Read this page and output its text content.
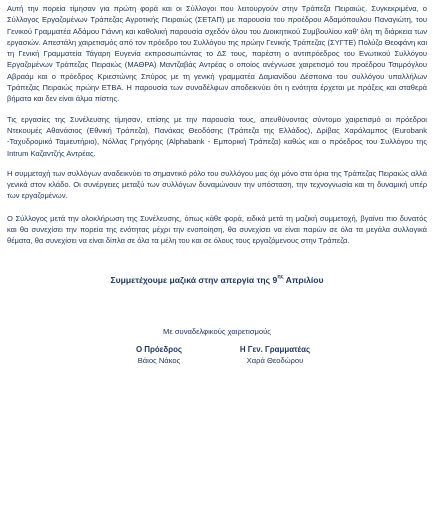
Αυτή την πορεία τίμησαν για πρώτη φορά και οι Σύλλογοι που λειτουργούν στην Τράπεζα Πειραιώς. Συγκεκριμένα, ο Σύλλογος Εργαζομένων Τράπεζας Αγροτικής Πειραιώς (ΣΕΤΑΠ) με παρουσία του προέδρου Αδαμόπουλου Παναγιώτη, του Γενικού Γραμματέα Αδάμου Γιάννη και καθολική παρουσία σχεδόν όλου του Διοικητικού Συμβουλίου καθ’ όλη τη διάρκεια των εργασιών. Απεστάλη χαιρετισμός από τον πρόεδρο του Συλλόγου της πρώην Γενικής Τράπεζας (ΣΥΓΤΕ) Πολύζο Θεοφάνη και τη Γενική Γραμματεία Τάγαρη Ευγενία εκπροσωπώντας το ΔΣ τους, παρέστη ο αντιπρόεδρος του Ενωτικού Συλλόγου Εργαζομένων Τράπεζας Πειραιώς (ΜΑΘΡΑ) Μαντζαβάς Αντρέας ο οποίος ανέγνωσε χαιρετισμό του προέδρου Τσιμρόγλου Αβραάμ και ο πρόεδρος Κριεστώνης Σπύρος με τη γενική γραμματέα Δαμιανίδου Δέσποινα του συλλόγου υπαλλήλων Τράπεζας Πειραιώς πρώην ΕΤΒΑ. Η παρουσία των συναδέλφων αποδεικνύει ότι η ενότητα έρχεται με πράξεις και σταθερά βήματα και δεν είναι άλμα πίστης.

Τις εργασίες της Συνέλευσης τίμησαν, επίσης με την παρουσία τους, απευθύνοντας σύντομο χαιρετισμό οι πρόεδροι Ντεκουμές Αθανάσιος (Εθνική Τράπεζα), Πανάκας Θεοδόσης (Τράπεζα της Ελλάδος), Δρίβας Χαράλαμπος (Eurobank -Ταχυδρομικό Ταμιευτήριο), Νόλλας Γρηγόρης (Alphabank - Εμπορική Τράπεζα) καθώς και ο πρόεδρος του Συλλόγου της Intrum Καζαντζής Αντρέας.

Η συμμετοχή των συλλόγων αναδεικνύει το σημαντικό ρόλο του συλλόγου μας όχι μόνο στα όρια της Τράπεζας Πειραιώς αλλά γενικά στον κλάδο. Οι συνέργειες μεταξύ των συλλόγων δυναμώνουν την υπόσταση, την τεχνογνωσία και τη δυναμική υπέρ των εργαζομένων.

Ο Σύλλογος μετά την ολοκλήρωση της Συνέλευσης, όπως κάθε φορά, ειδικά μετά τη μαζική συμμετοχή, βγαίνει πιο δυνατός και θα συνεχίσει την πορεία της ενότητας μέχρι την ενοποίηση, θα συνεχίσει να είναι παρών σε όλα τα μεγάλα συλλογικά θέματα, θα συνεχίσει να είναι δίπλα σε όλα τα μέλη του και σε όλους τους εργαζόμενους στην Τράπεζα.

Συμμετέχουμε μαζικά στην απεργία της $9^{\eta\varsigma}$ Απριλίου
Με συναδελφικούς χαιρετισμούς
Ο Πρόεδρος
Βάιος Νάκος
Η Γεν. Γραμματέας
Χαρά Θεοδώρου
